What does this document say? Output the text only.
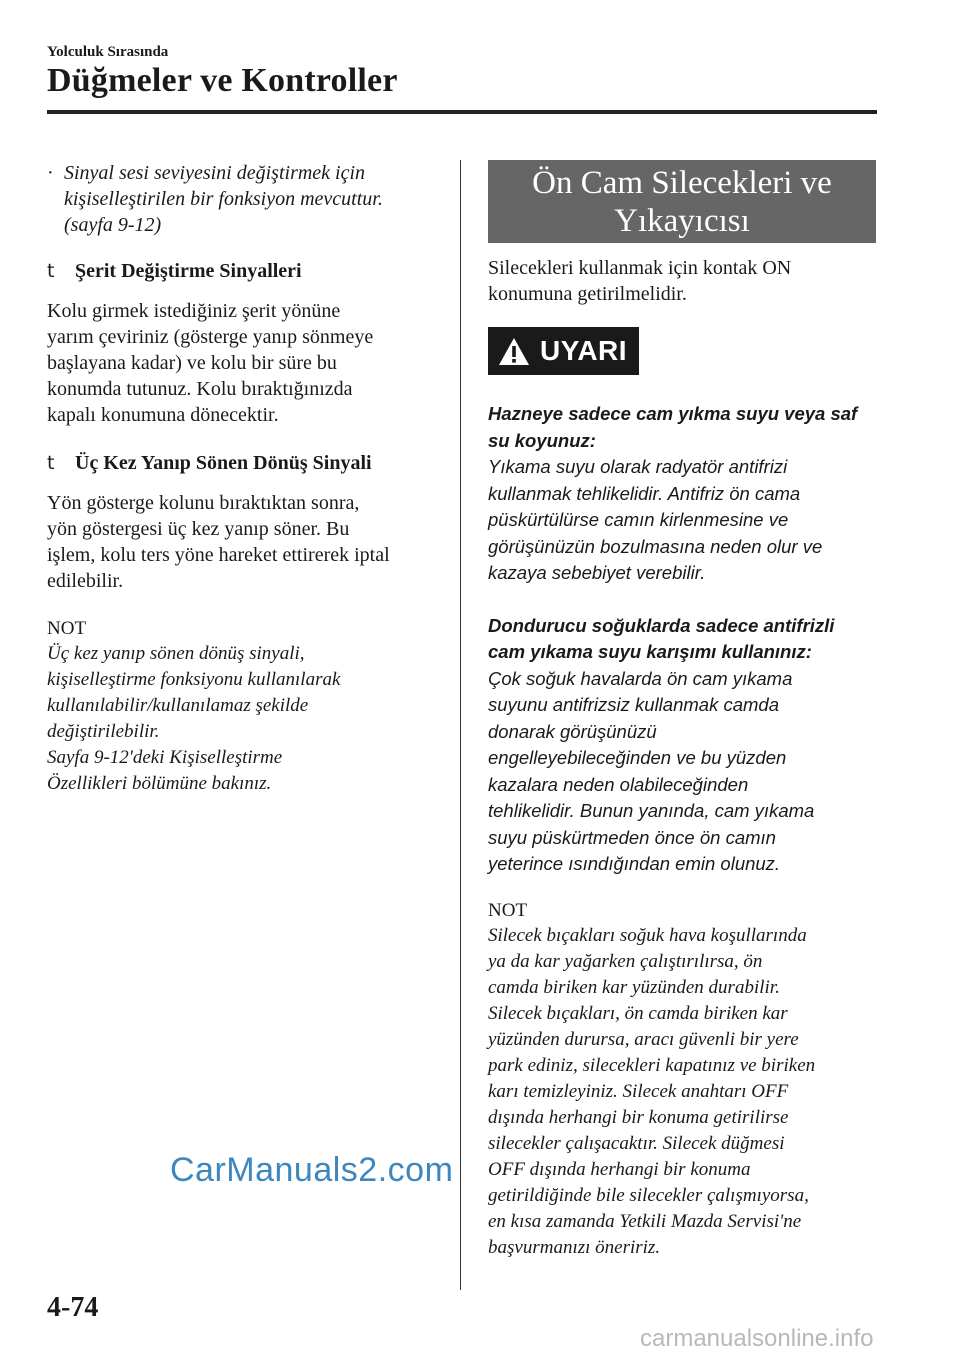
Yolculuk Sırasında
Düğmeler ve Kontroller
· Sinyal sesi seviyesini değiştirmek için

kişiselleştirilen bir fonksiyon mevcuttur.

(sayfa 9-12)

t	Şerit Değiştirme Sinyalleri

Kolu girmek istediğiniz şerit yönüne

yarım çeviriniz (gösterge yanıp sönmeye

başlayana kadar) ve kolu bir süre bu

konumda tutunuz. Kolu bıraktığınızda

kapalı konumuna dönecektir.

t	Üç Kez Yanıp Sönen Dönüş Sinyali

Yön gösterge kolunu bıraktıktan sonra,

yön göstergesi üç kez yanıp söner. Bu

işlem, kolu ters yöne hareket ettirerek iptal

edilebilir.

NOT

Üç kez yanıp sönen dönüş sinyali,

kişiselleştirme fonksiyonu kullanılarak

kullanılabilir/kullanılamaz şekilde

değiştirilebilir.

Sayfa 9-12'deki Kişiselleştirme

Özellikleri bölümüne bakınız.

Ön Cam Silecekleri ve
Yıkayıcısı

Silecekleri kullanmak için kontak ON

konumuna getirilmelidir.

UYARI

Hazneye sadece cam yıkma suyu veya saf

su koyunuz:

Yıkama suyu olarak radyatör antifrizi

kullanmak tehlikelidir. Antifriz ön cama

püskürtülürse camın kirlenmesine ve

görüşünüzün bozulmasına neden olur ve

kazaya sebebiyet verebilir.

Dondurucu soğuklarda sadece antifrizli

cam yıkama suyu karışımı kullanınız:

Çok soğuk havalarda ön cam yıkama

suyunu antifrizsiz kullanmak camda

donarak görüşünüzü

engelleyebileceğinden ve bu yüzden

kazalara neden olabileceğinden

tehlikelidir. Bunun yanında, cam yıkama

suyu püskürtmeden önce ön camın

yeterince ısındığından emin olunuz.

NOT

Silecek bıçakları soğuk hava koşullarında

ya da kar yağarken çalıştırılırsa, ön

camda biriken kar yüzünden durabilir.

Silecek bıçakları, ön camda biriken kar

yüzünden durursa, aracı güvenli bir yere

park ediniz, silecekleri kapatınız ve biriken

karı temizleyiniz. Silecek anahtarı OFF

dışında herhangi bir konuma getirilirse

silecekler çalışacaktır. Silecek düğmesi

OFF dışında herhangi bir konuma

getirildiğinde bile silecekler çalışmıyorsa,

en kısa zamanda Yetkili Mazda Servisi'ne

başvurmanızı öneririz.

CarManuals2.com
4-74
carmanualsonline.info
